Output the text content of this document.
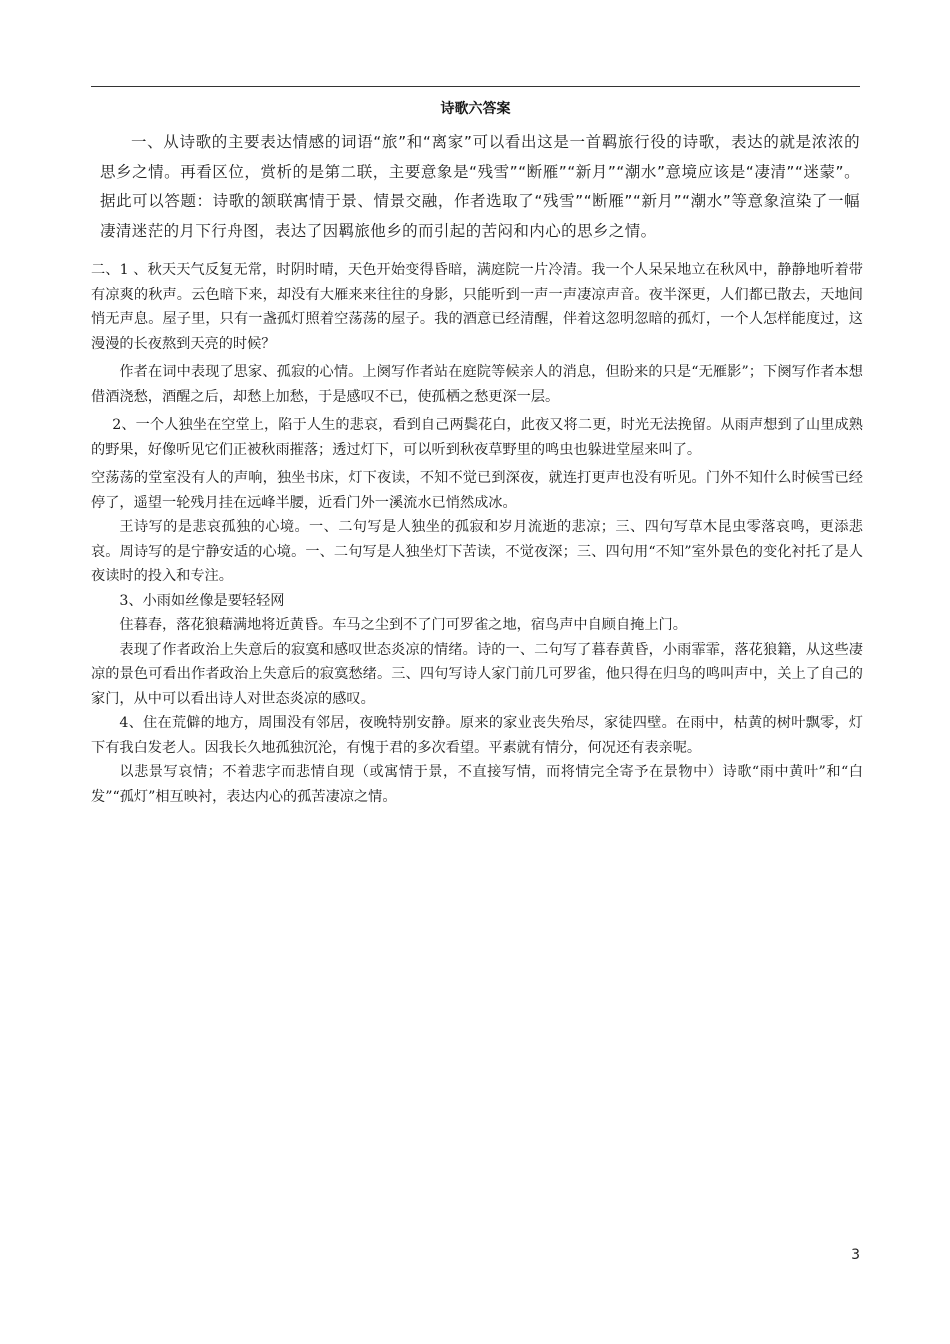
诗歌六答案

一、从诗歌的主要表达情感的词语“旅”和“离家”可以看出这是一首羁旅行役的诗歌，表达的就是浓浓的思乡之情。再看区位，赏析的是第二联，主要意象是“残雪”“断雁”“新月”“潮水”意境应该是“凄清”“迷蒙”。据此可以答题：诗歌的颔联寓情于景、情景交融，作者选取了“残雪”“断雁”“新月”“潮水”等意象渲染了一幅凄清迷茫的月下行舟图，表达了因羁旅他乡的而引起的苦闷和内心的思乡之情。

二、1 、秋天天气反复无常，时阴时晴，天色开始变得昏暗，满庭院一片冷清。我一个人呆呆地立在秋风中，静静地听着带有凉爽的秋声。云色暗下来，却没有大雁来来往往的身影，只能听到一声一声凄凉声音。夜半深更，人们都已散去，天地间悄无声息。屋子里，只有一盏孤灯照着空荡荡的屋子。我的酒意已经清醒，伴着这忽明忽暗的孤灯，一个人怎样能度过，这漫漫的长夜熬到天亮的时候？

作者在词中表现了思家、孤寂的心情。上阕写作者站在庭院等候亲人的消息，但盼来的只是“无雁影”；下阕写作者本想借酒浇愁，酒醒之后，却愁上加愁，于是感叹不已，使孤栖之愁更深一层。

2、一个人独坐在空堂上，陷于人生的悲哀，看到自己两鬓花白，此夜又将二更，时光无法挽留。从雨声想到了山里成熟的野果，好像听见它们正被秋雨摧落；透过灯下，可以听到秋夜草野里的鸣虫也躲进堂屋来叫了。

空荡荡的堂室没有人的声响，独坐书床，灯下夜读，不知不觉已到深夜，就连打更声也没有听见。门外不知什么时候雪已经停了，遥望一轮残月挂在远峰半腰，近看门外一溪流水已悄然成冰。

王诗写的是悲哀孤独的心境。一、二句写是人独坐的孤寂和岁月流逝的悲凉；三、四句写草木昆虫零落哀鸣，更添悲哀。周诗写的是宁静安适的心境。一、二句写是人独坐灯下苦读，不觉夜深；三、四句用“不知”室外景色的变化衬托了是人夜读时的投入和专注。

3、小雨如丝像是要轻轻网

住暮春，落花狼藉满地将近黄昏。车马之尘到不了门可罗雀之地，宿鸟声中自顾自掩上门。

表现了作者政治上失意后的寂寞和感叹世态炎凉的情绪。诗的一、二句写了暮春黄昏，小雨霏霏，落花狼籍，从这些凄凉的景色可看出作者政治上失意后的寂寞愁绪。三、四句写诗人家门前几可罗雀，他只得在归鸟的鸣叫声中，关上了自己的家门，从中可以看出诗人对世态炎凉的感叹。

4、住在荒僻的地方，周围没有邻居，夜晚特别安静。原来的家业丧失殆尽，家徒四壁。在雨中，枯黄的树叶飘零，灯下有我白发老人。因我长久地孤独沉沦，有愧于君的多次看望。平素就有情分，何况还有表亲呢。

以悲景写哀情；不着悲字而悲情自现（或寓情于景，不直接写情，而将情完全寄予在景物中）诗歌“雨中黄叶”和“白发”“孤灯”相互映衬，表达内心的孤苦凄凉之情。

3
